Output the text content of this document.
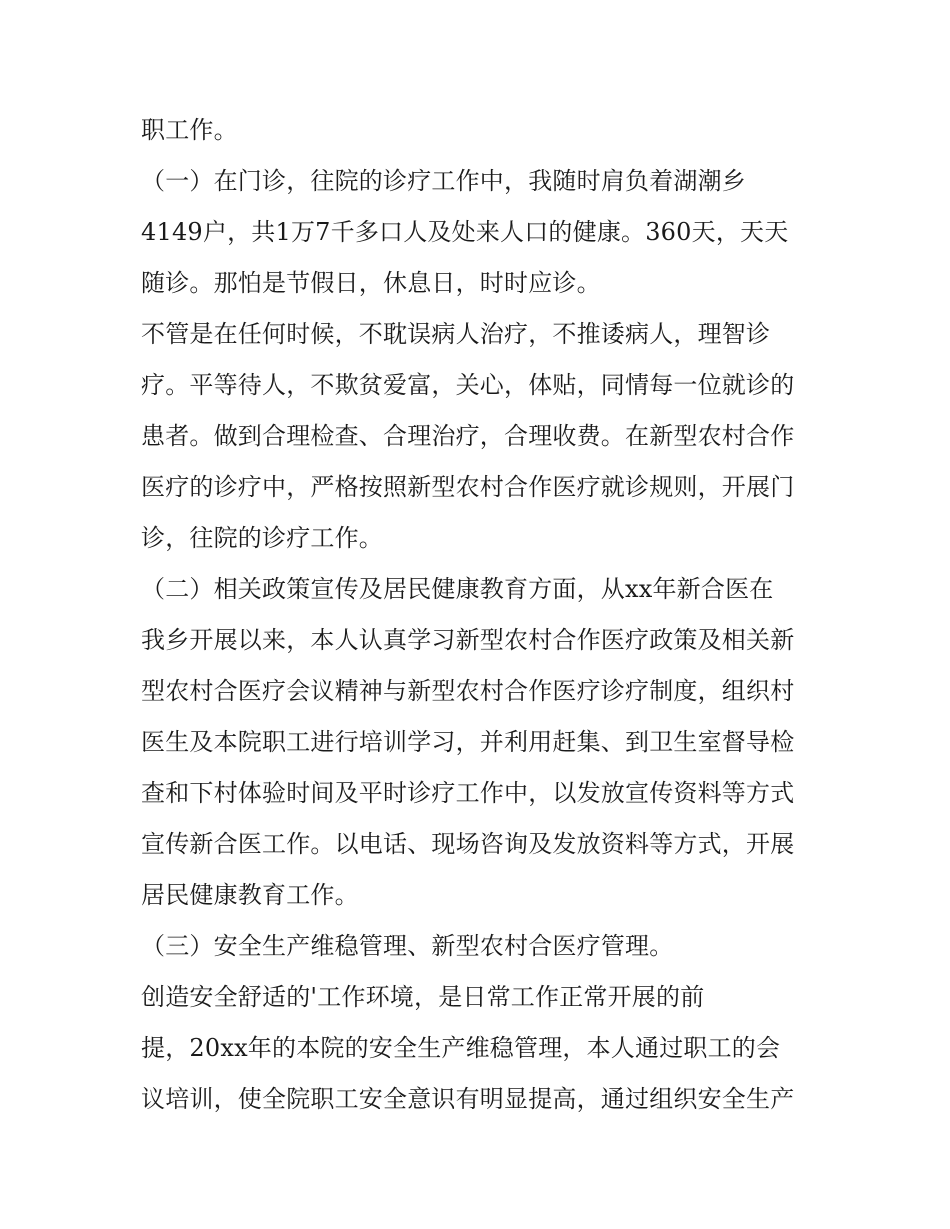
职工作。
（一）在门诊，往院的诊疗工作中，我随时肩负着湖潮乡
4149户，共1万7千多口人及处来人口的健康。360天，天天
随诊。那怕是节假日，休息日，时时应诊。
不管是在任何时候，不耽误病人治疗，不推诿病人，理智诊
疗。平等待人，不欺贫爱富，关心，体贴，同情每一位就诊的
患者。做到合理检查、合理治疗，合理收费。在新型农村合作
医疗的诊疗中，严格按照新型农村合作医疗就诊规则，开展门
诊，往院的诊疗工作。
（二）相关政策宣传及居民健康教育方面，从xx年新合医在
我乡开展以来，本人认真学习新型农村合作医疗政策及相关新
型农村合医疗会议精神与新型农村合作医疗诊疗制度，组织村
医生及本院职工进行培训学习，并利用赶集、到卫生室督导检
查和下村体验时间及平时诊疗工作中，以发放宣传资料等方式
宣传新合医工作。以电话、现场咨询及发放资料等方式，开展
居民健康教育工作。
（三）安全生产维稳管理、新型农村合医疗管理。
创造安全舒适的'工作环境，是日常工作正常开展的前
提，20xx年的本院的安全生产维稳管理，本人通过职工的会
议培训，使全院职工安全意识有明显提高，通过组织安全生产
